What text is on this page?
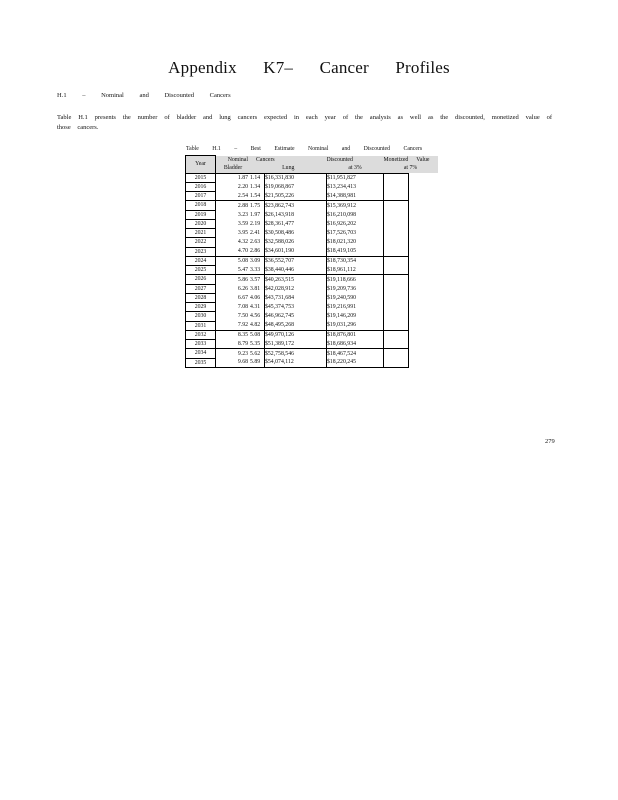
Appendix K7– Cancer Profiles
H.1 – Nominal and Discounted Cancers
Table H.1 presents the number of bladder and lung cancers expected in each year of the analysis as well as the discounted, monetized value of those cancers.
Table H.1 – Best Estimate Nominal and Discounted Cancers
Year	Nominal	Cancers		Discounted	Monetized	Value
	Bladder	Lung		at 3%	at 7%	
2015	1.87	1.14	$16,331,830	$11,951,827		
2016	2.20	1.34	$19,068,867	$13,234,413		
2017	2.54	1.54	$21,505,226	$14,388,981		
2018	2.88	1.75	$23,862,743	$15,369,912		
2019	3.23	1.97	$26,143,918	$16,210,098		
2020	3.59	2.19	$28,361,477	$16,926,202		
2021	3.95	2.41	$30,508,486	$17,526,703		
2022	4.32	2.63	$32,588,026	$18,021,320		
2023	4.70	2.86	$34,601,190	$18,419,105		
2024	5.08	3.09	$36,552,707	$18,730,354		
2025	5.47	3.33	$38,440,446	$18,961,112		
2026	5.86	3.57	$40,263,515	$19,118,666		
2027	6.26	3.81	$42,028,912	$19,209,736		
2028	6.67	4.06	$43,731,684	$19,240,590		
2029	7.08	4.31	$45,374,753	$19,216,991		
2030	7.50	4.56	$46,962,745	$19,146,209		
2031	7.92	4.82	$48,495,268	$19,031,296		
2032	8.35	5.08	$49,970,126	$18,876,801		
2033	8.79	5.35	$51,389,172	$18,686,934		
2034	9.23	5.62	$52,758,546	$18,467,524		
2035	9.68	5.89	$54,074,112	$18,220,245		
279
